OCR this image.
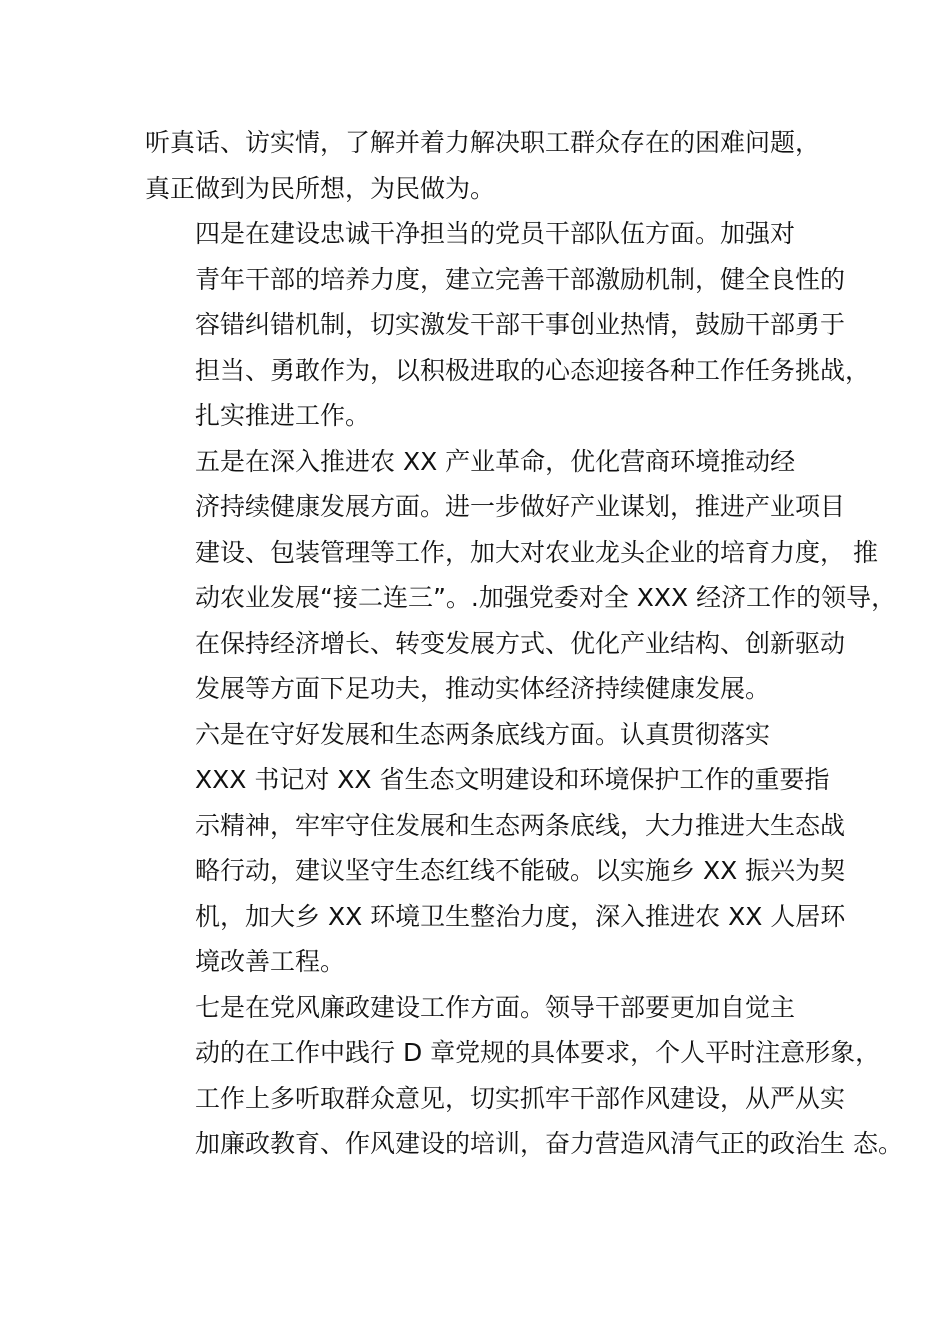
听真话、访实情，了解并着力解决职工群众存在的困难问题，
真正做到为民所想，为民做为。

四是在建设忠诚干净担当的党员干部队伍方面。加强对
青年干部的培养力度，建立完善干部激励机制，健全良性的
容错纠错机制，切实激发干部干事创业热情，鼓励干部勇于
担当、勇敢作为，以积极进取的心态迎接各种工作任务挑战，
扎实推进工作。

五是在深入推进农 XX 产业革命，优化营商环境推动经
济持续健康发展方面。进一步做好产业谋划，推进产业项目
建设、包装管理等工作，加大对农业龙头企业的培育力度， 推
动农业发展“接二连三”。.加强党委对全 XXX 经济工作的领导，
在保持经济增长、转变发展方式、优化产业结构、创新驱动
发展等方面下足功夫，推动实体经济持续健康发展。

六是在守好发展和生态两条底线方面。认真贯彻落实
XXX 书记对 XX 省生态文明建设和环境保护工作的重要指
示精神，牢牢守住发展和生态两条底线，大力推进大生态战
略行动，建议坚守生态红线不能破。以实施乡 XX 振兴为契
机，加大乡 XX 环境卫生整治力度，深入推进农 XX 人居环
境改善工程。

七是在党风廉政建设工作方面。领导干部要更加自觉主
动的在工作中践行 D 章党规的具体要求，个人平时注意形象，
工作上多听取群众意见，切实抓牢干部作风建设，从严从实
加廉政教育、作风建设的培训，奋力营造风清气正的政治生 态。
